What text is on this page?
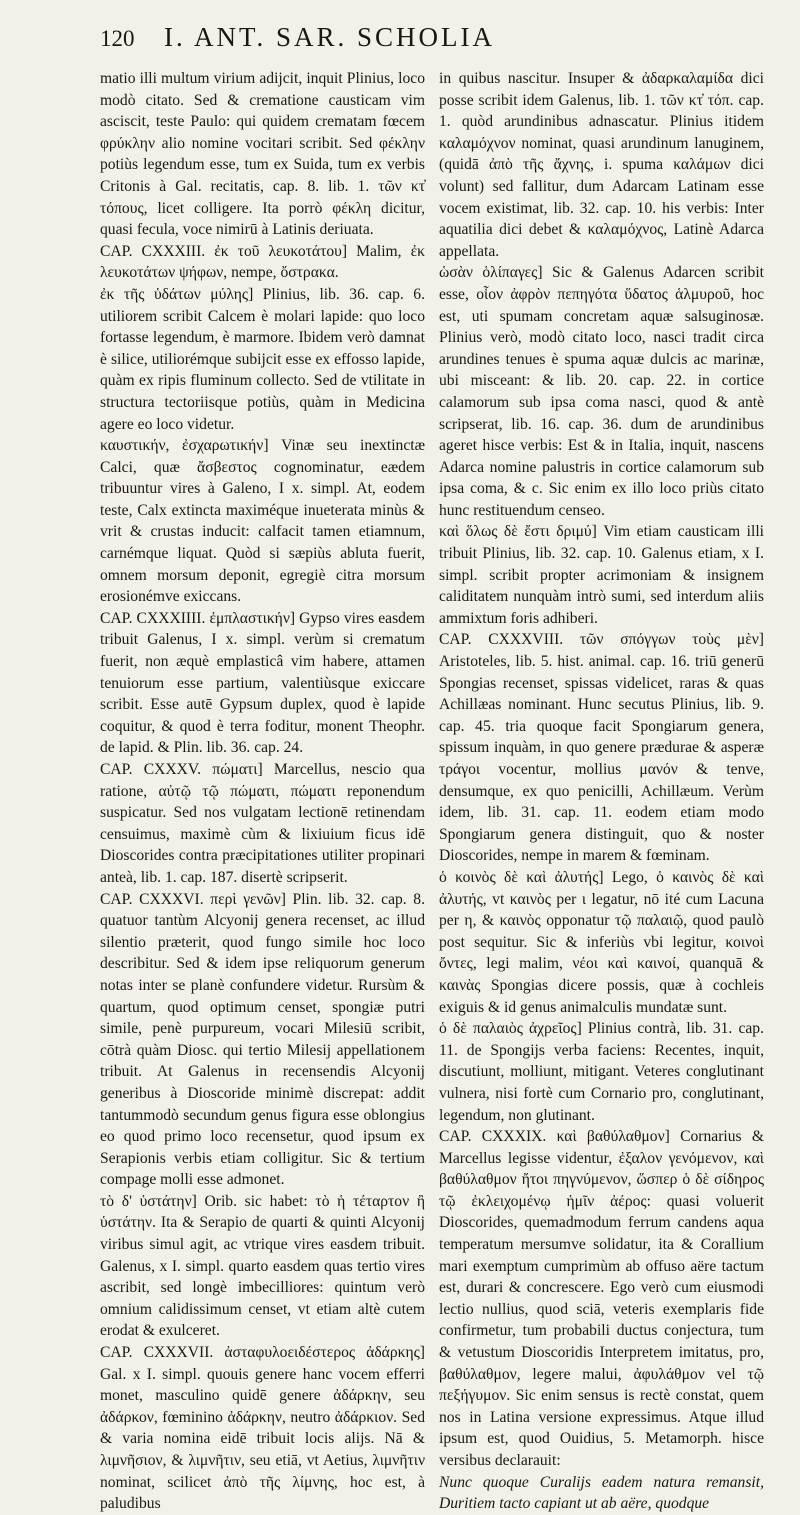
120	I. ANT. SAR. SCHOLIA

matio illi multum virium adijcit, inquit Plinius, loco modò citato. Sed & crematione causticam vim asciscit, teste Paulo: qui quidem crematam fœcem φρύκλην alio nomine vocitari scribit. Sed φέκλην potiùs legendum esse, tum ex Suida, tum ex verbis Critonis à Gal. recitatis, cap. 8. lib. 1. τῶν κτ̓ τόπους, licet colligere. Ita porrò φέκλη dicitur, quasi fecula, voce nimirū à Latinis deriuata.

CAP. CXXXIII. ἐκ τοῦ λευκοτάτου] Malim, ἐκ λευκοτάτων ψήφων, nempe, ὄστρακα.

ἐκ τῆς ὑδάτων μύλης] Plinius, lib. 36. cap. 6. utiliorem scribit Calcem è molari lapide: quo loco fortasse legendum, è marmore. Ibidem verò damnat è silice, utiliorémque subijcit esse ex effosso lapide, quàm ex ripis fluminum collecto. Sed de vtilitate in structura tectoriisque potiùs, quàm in Medicina agere eo loco videtur.

καυστικήν, ἐσχαρωτικήν] Vinæ seu inextinctæ Calci, quæ ἄσβεστος cognominatur, eædem tribuuntur vires à Galeno, I x. simpl. At, eodem teste, Calx extincta maximéque inueterata minùs & vrit & crustas inducit: calfacit tamen etiamnum, carnémque liquat. Quòd si sæpiùs abluta fuerit, omnem morsum deponit, egregiè citra morsum erosionémve exiccans.

CAP. CXXXIIII. ἐμπλαστικήν] Gypso vires easdem tribuit Galenus, I x. simpl. verùm si crematum fuerit, non æquè emplasticâ vim habere, attamen tenuiorum esse partium, valentiùsque exiccare scribit. Esse autē Gypsum duplex, quod è lapide coquitur, & quod è terra foditur, monent Theophr. de lapid. & Plin. lib. 36. cap. 24.

CAP. CXXXV. πώματι] Marcellus, nescio qua ratione, αὐτῷ τῷ πώματι, πώματι reponendum suspicatur. Sed nos vulgatam lectionē retinendam censuimus, maximè cùm & lixiuium ficus idē Dioscorides contra præcipitationes utiliter propinari anteà, lib. 1. cap. 187. disertè scripserit.

CAP. CXXXVI. περὶ γενῶν] Plin. lib. 32. cap. 8. quatuor tantùm Alcyonij genera recenset, ac illud silentio præterit, quod fungo simile hoc loco describitur. Sed & idem ipse reliquorum generum notas inter se planè confundere videtur. Rursùm & quartum, quod optimum censet, spongiæ putri simile, penè purpureum, vocari Milesiū scribit, cōtrà quàm Diosc. qui tertio Milesij appellationem tribuit. At Galenus in recensendis Alcyonij generibus à Dioscoride minimè discrepat: addit tantummodò secundum genus figura esse oblongius eo quod primo loco recensetur, quod ipsum ex Serapionis verbis etiam colligitur. Sic & tertium compage molli esse admonet.

τὸ δ' ὑστάτην] Orib. sic habet: τὸ ἡ τέταρτον ἢ ὑστάτην. Ita & Serapio de quarti & quinti Alcyonij viribus simul agit, ac vtrique vires easdem tribuit. Galenus, x I. simpl. quarto easdem quas tertio vires ascribit, sed longè imbecilliores: quintum verò omnium calidissimum censet, vt etiam altè cutem erodat & exulceret.

CAP. CXXXVII. ἀσταφυλοειδέστερος ἀδάρκης] Gal. x I. simpl. quouis genere hanc vocem efferri monet, masculino quidē genere ἀδάρκην, seu ἀδάρκον, fœminino ἀδάρκην, neutro ἀδάρκιον. Sed & varia nomina eidē tribuit locis alijs. Nā & λιμνῆσιον, & λιμνῆτιν, seu etiā, vt Aetius, λιμνῆτιν nominat, scilicet ἀπὸ τῆς λίμνης, hoc est, à paludibus

in quibus nascitur. Insuper & ἀδαρκαλαμίδα dici posse scribit idem Galenus, lib. 1. τῶν κτ̓ τόπ. cap. 1. quòd arundinibus adnascatur. Plinius itidem καλαμόχνον nominat, quasi arundinum lanuginem, (quidā ἀπὸ τῆς ἄχνης, i. spuma καλάμων dici volunt) sed fallitur, dum Adarcam Latinam esse vocem existimat, lib. 32. cap. 10. his verbis: Inter aquatilia dici debet & καλαμόχνος, Latinè Adarca appellata.

ὡσὰν ὁλίπαγες] Sic & Galenus Adarcen scribit esse, οἷον ἀφρὸν πεπηγότα ὕδατος ἁλμυροῦ, hoc est, uti spumam concretam aquæ salsuginosæ. Plinius verò, modò citato loco, nasci tradit circa arundines tenues è spuma aquæ dulcis ac marinæ, ubi misceant: & lib. 20. cap. 22. in cortice calamorum sub ipsa coma nasci, quod & antè scripserat, lib. 16. cap. 36. dum de arundinibus ageret hisce verbis: Est & in Italia, inquit, nascens Adarca nomine palustris in cortice calamorum sub ipsa coma, & c. Sic enim ex illo loco priùs citato hunc restituendum censeo.

καὶ ὅλως δὲ ἔστι δριμύ] Vim etiam causticam illi tribuit Plinius, lib. 32. cap. 10. Galenus etiam, x I. simpl. scribit propter acrimoniam & insignem caliditatem nunquàm intrò sumi, sed interdum aliis ammixtum foris adhiberi.

CAP. CXXXVIII. τῶν σπόγγων τοὺς μὲν] Aristoteles, lib. 5. hist. animal. cap. 16. triū generū Spongias recenset, spissas videlicet, raras & quas Achillæas nominant. Hunc secutus Plinius, lib. 9. cap. 45. tria quoque facit Spongiarum genera, spissum inquàm, in quo genere prædurae & asperæ τράγοι vocentur, mollius μανόν & tenve, densumque, ex quo penicilli, Achillæum. Verùm idem, lib. 31. cap. 11. eodem etiam modo Spongiarum genera distinguit, quo & noster Dioscorides, nempe in marem & fœminam.

ὁ κοινὸς δὲ καὶ ἀλυτής] Lego, ὁ καινὸς δὲ καὶ ἀλυτής, vt καινὸς per ι legatur, nō ité cum Lacuna per η, & καινὸς opponatur τῷ παλαιῷ, quod paulò post sequitur. Sic & inferiùs vbi legitur, κοινοὶ ὄντες, legi malim, νέοι καὶ καινοί, quanquā & καινὰς Spongias dicere possis, quæ à cochleis exiguis & id genus animalculis mundatæ sunt.

ὁ δὲ παλαιὸς ἀχρεῖος] Plinius contrà, lib. 31. cap. 11. de Spongijs verba faciens: Recentes, inquit, discutiunt, molliunt, mitigant. Veteres conglutinant vulnera, nisi fortè cum Cornario pro, conglutinant, legendum, non glutinant.

CAP. CXXXIX. καὶ βαθύλαθμον] Cornarius & Marcellus legisse videntur, ἐξαλον γενόμενον, καὶ βαθύλαθμον ἤτοι πηγνύμενον, ὥσπερ ὁ δὲ σίδηρος τῷ ἐκλειχομένῳ ἡμῖν ἀέρος: quasi voluerit Dioscorides, quemadmodum ferrum candens aqua temperatum mersumve solidatur, ita & Corallium mari exemptum cumprimùm ab offuso aëre tactum est, durari & concrescere. Ego verò cum eiusmodi lectio nullius, quod sciā, veteris exemplaris fide confirmetur, tum probabili ductus conjectura, tum & vetustum Dioscoridis Interpretem imitatus, pro, βαθύλαθμον, legere malui, ἀφυλάθμον vel τῷ πεξήγυμον. Sic enim sensus is rectè constat, quem nos in Latina versione expressimus. Atque illud ipsum est, quod Ouidius, 5. Metamorph. hisce versibus declarauit:

Nunc quoque Curalijs eadem natura remansit, Duritiem tacto capiant ut ab aëre, quodque
